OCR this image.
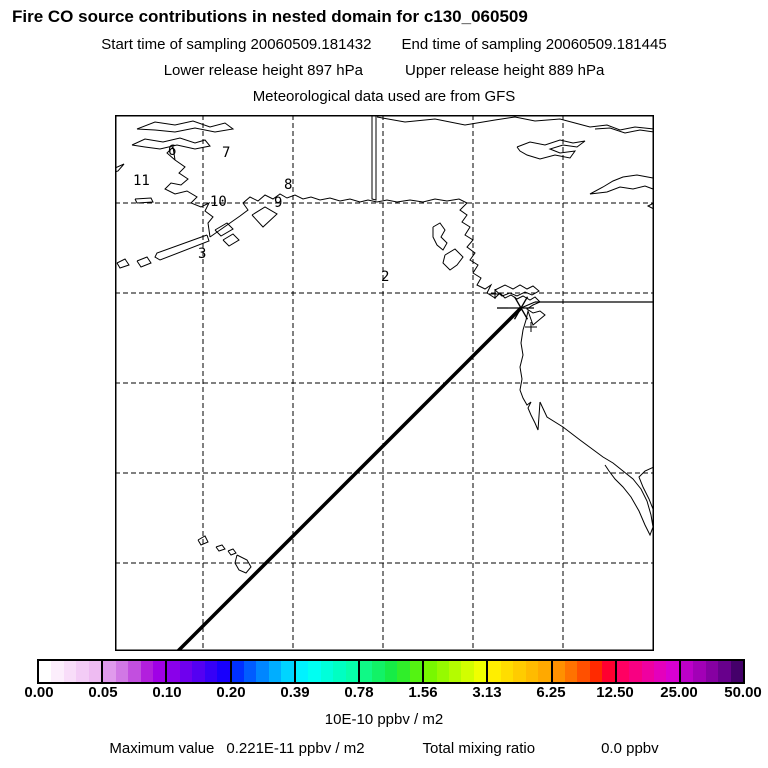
Fire CO source contributions in nested domain for c130_060509
Start time of sampling 20060509.181432 End time of sampling 20060509.181445
Lower release height 897 hPa	Upper release height 889 hPa
Meteorological data used are from GFS
6	7
11	8
10	9
3
2
0.00 0.05 0.10 0.20 0.39 0.78 1.56 3.13 6.25 12.50 25.00 50.00
10E-10 ppbv / m2
Maximum value 0.221E-11 ppbv / m2	Total mixing ratio	0.0 ppbv
